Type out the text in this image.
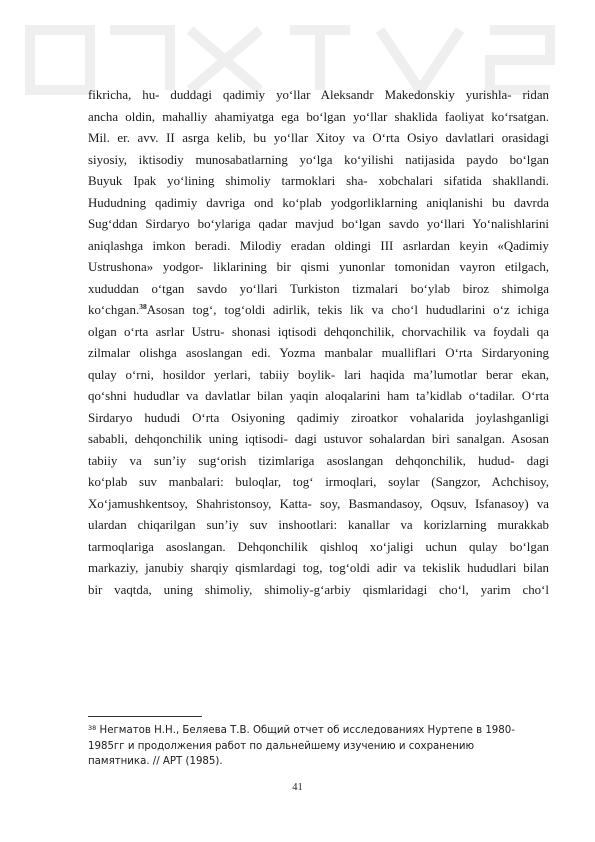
fikricha, hu- duddagi qadimiy yo‘llar Aleksandr Makedonskiy yurishla- ridan
ancha oldin, mahalliy ahamiyatga ega bo‘lgan yo‘llar shaklida faoliyat ko‘rsatgan.
Mil. er. avv. II asrga kelib, bu yo‘llar Xitoy va O‘rta Osiyo davlatlari orasidagi
siyosiy, iktisodiy munosabatlarning yo‘lga ko‘yilishi natijasida paydo bo‘lgan
Buyuk Ipak yo‘lining shimoliy tarmoklari sha- xobchalari sifatida shakllandi.
Hududning qadimiy davriga ond ko‘plab yodgorliklarning aniqlanishi bu davrda
Sug‘ddan Sirdaryo bo‘ylariga qadar mavjud bo‘lgan savdo yo‘llari Yo‘nalishlarini
aniqlashga imkon beradi. Milodiy eradan oldingi III asrlardan keyin «Qadimiy
Ustrushona» yodgor- liklarining bir qismi yunonlar tomonidan vayron etilgach,
xududdan o‘tgan savdo yo‘llari Turkiston tizmalari bo‘ylab biroz shimolga
ko‘chgan.$^{38}$Asosan tog‘, tog‘oldi adirlik, tekis lik va cho‘l hududlarini o‘z ichiga
olgan o‘rta asrlar Ustru- shonasi iqtisodi dehqonchilik, chorvachilik va foydali qa
zilmalar olishga asoslangan edi. Yozma manbalar mualliflari O‘rta Sirdaryoning
qulay o‘rni, hosildor yerlari, tabiiy boylik- lari haqida ma’lumotlar berar ekan,
qo‘shni hududlar va davlatlar bilan yaqin aloqalarini ham ta’kidlab o‘tadilar. O‘rta
Sirdaryo hududi O‘rta Osiyoning qadimiy ziroatkor vohalarida joylashganligi
sababli, dehqonchilik uning iqtisodi- dagi ustuvor sohalardan biri sanalgan. Asosan
tabiiy va sun’iy sug‘orish tizimlariga asoslangan dehqonchilik, hudud- dagi
ko‘plab suv manbalari: buloqlar, tog‘ irmoqlari, soylar (Sangzor, Achchisoy,
Xo‘jamushkentsoy, Shahristonsoy, Katta- soy, Basmandasoy, Oqsuv, Isfanasoy) va
ulardan chiqarilgan sun’iy suv inshootlari: kanallar va korizlarning murakkab
tarmoqlariga asoslangan. Dehqonchilik qishloq xo‘jaligi uchun qulay bo‘lgan
markaziy, janubiy sharqiy qismlardagi tog, tog‘oldi adir va tekislik hududlari bilan
bir vaqtda, uning shimoliy, shimoliy-g‘arbiy qismlaridagi cho‘l, yarim cho‘l
$^{38}$ Негматов Н.Н., Беляева Т.В. Общий отчет об исследованиях Нуртепе в 1980-
1985гг и продолжения работ по дальнейшему изучению и сохранению
памятника. // АРТ (1985).
41
